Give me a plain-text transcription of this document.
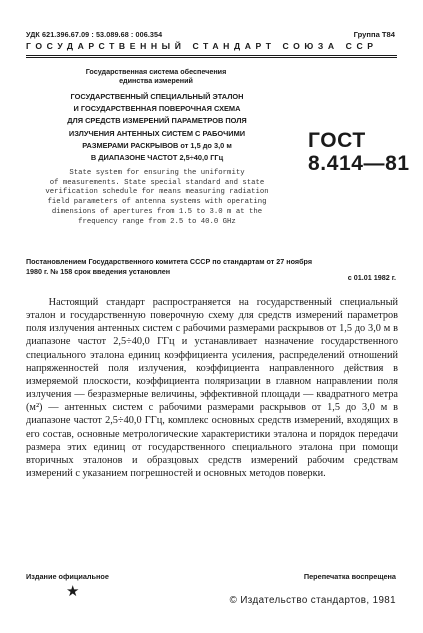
УДК 621.396.67.09 : 53.089.68 : 006.354	Группа Т84
ГОСУДАРСТВЕННЫЙ СТАНДАРТ СОЮЗА ССР
Государственная система обеспечения
единства измерений
ГОСУДАРСТВЕННЫЙ СПЕЦИАЛЬНЫЙ ЭТАЛОН
И ГОСУДАРСТВЕННАЯ ПОВЕРОЧНАЯ СХЕМА
ДЛЯ СРЕДСТВ ИЗМЕРЕНИЙ ПАРАМЕТРОВ ПОЛЯ
ИЗЛУЧЕНИЯ АНТЕННЫХ СИСТЕМ С РАБОЧИМИ
РАЗМЕРАМИ РАСКРЫВОВ от 1,5 до 3,0 м
В ДИАПАЗОНЕ ЧАСТОТ 2,5÷40,0 ГГц
ГОСТ
8.414—81
State system for ensuring the uniformity
of measurements. State special standard and state
verification schedule for means measuring radiation
field parameters of antenna systems with operating
dimensions of apertures from 1.5 to 3.0 m at the
frequency range from 2.5 to 40.0 GHz
Постановлением Государственного комитета СССР по стандартам от 27 ноября
1980 г. № 158 срок введения установлен
с 01.01 1982 г.

Настоящий стандарт распространяется на государственный специальный эталон и государственную поверочную схему для средств измерений параметров поля излучения антенных систем с рабочими размерами раскрывов от 1,5 до 3,0 м в диапазоне частот 2,5÷40,0 ГГц и устанавливает назначение государственного специального эталона единиц коэффициента усиления, распределений отношений напряженностей поля излучения, коэффициента направленного действия в измеряемой плоскости, коэффициента поляризации в главном направлении поля излучения — безразмерные величины, эффективной площади — квадратного метра (м²) — антенных систем с рабочими размерами раскрывов от 1,5 до 3,0 м в диапазоне частот 2,5÷40,0 ГГц, комплекс основных средств измерений, входящих в его состав, основные метрологические характеристики эталона и порядок передачи размера этих единиц от государственного специального эталона при помощи вторичных эталонов и образцовых средств измерений рабочим средствам измерений с указанием погрешностей и основных методов поверки.

Издание официальное	Перепечатка воспрещена
★
© Издательство стандартов, 1981
